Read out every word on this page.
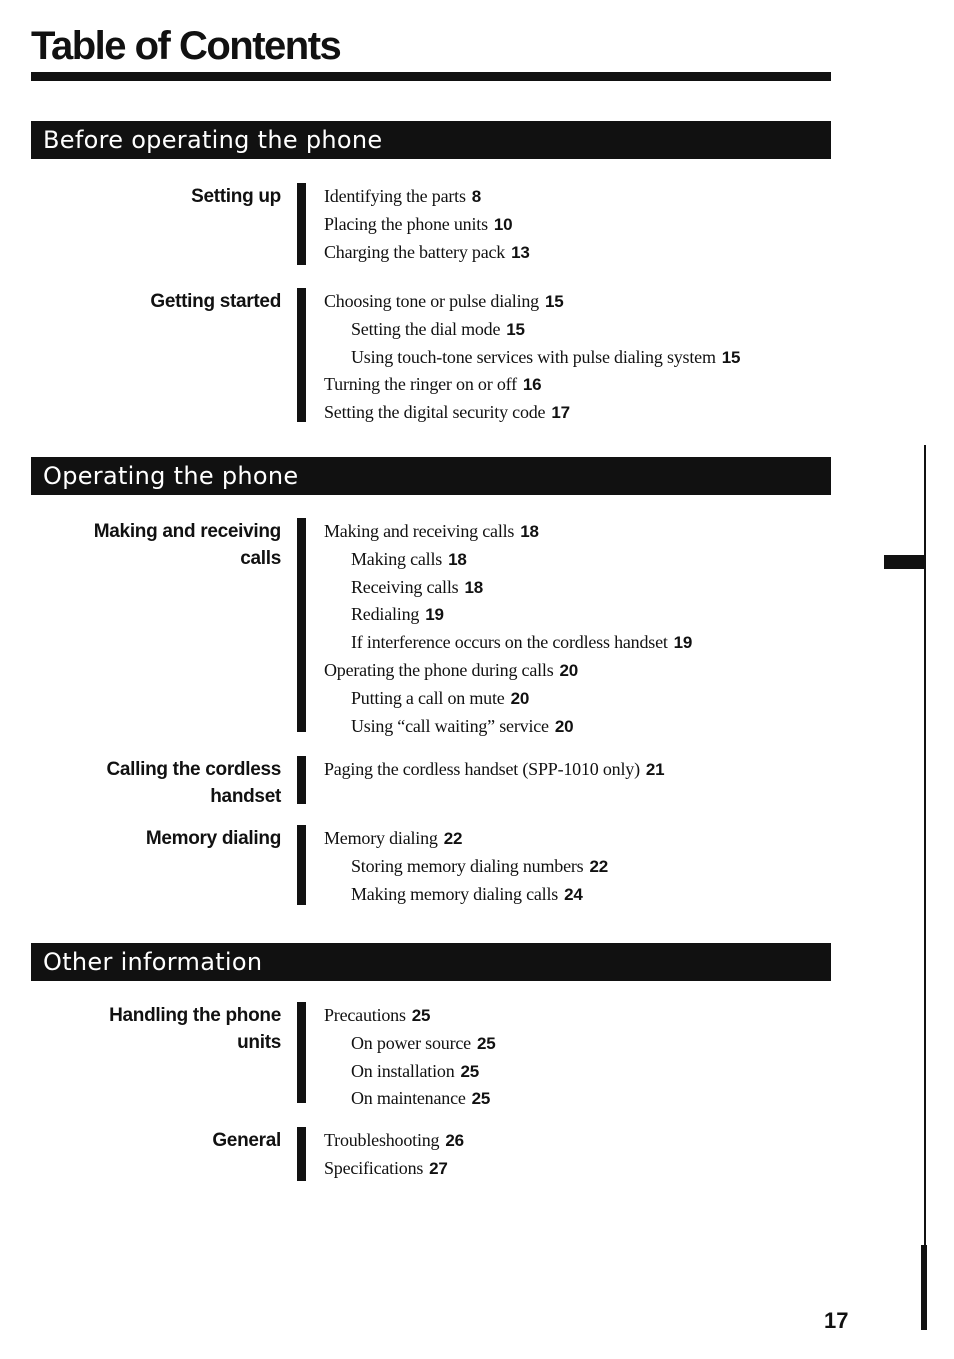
Table of Contents
Before operating the phone
Setting up Identifying the parts 8
Placing the phone units 10
Charging the battery pack 13
Getting started Choosing tone or pulse dialing 15
Setting the dial mode 15
Using touch-tone services with pulse dialing system 15
Turning the ringer on or off 16
Setting the digital security code 17
Operating the phone
Making and receiving calls
Making and receiving calls 18
Making calls 18
Receiving calls 18
Redialing 19
If interference occurs on the cordless handset 19
Operating the phone during calls 20
Putting a call on mute 20
Using “call waiting” service 20
Calling the cordless handset
Paging the cordless handset (SPP-1010 only) 21
Memory dialing Memory dialing 22
Storing memory dialing numbers 22
Making memory dialing calls 24
Other information
Handling the phone units
Precautions 25
On power source 25
On installation 25
On maintenance 25
General Troubleshooting 26
Specifications 27
17
